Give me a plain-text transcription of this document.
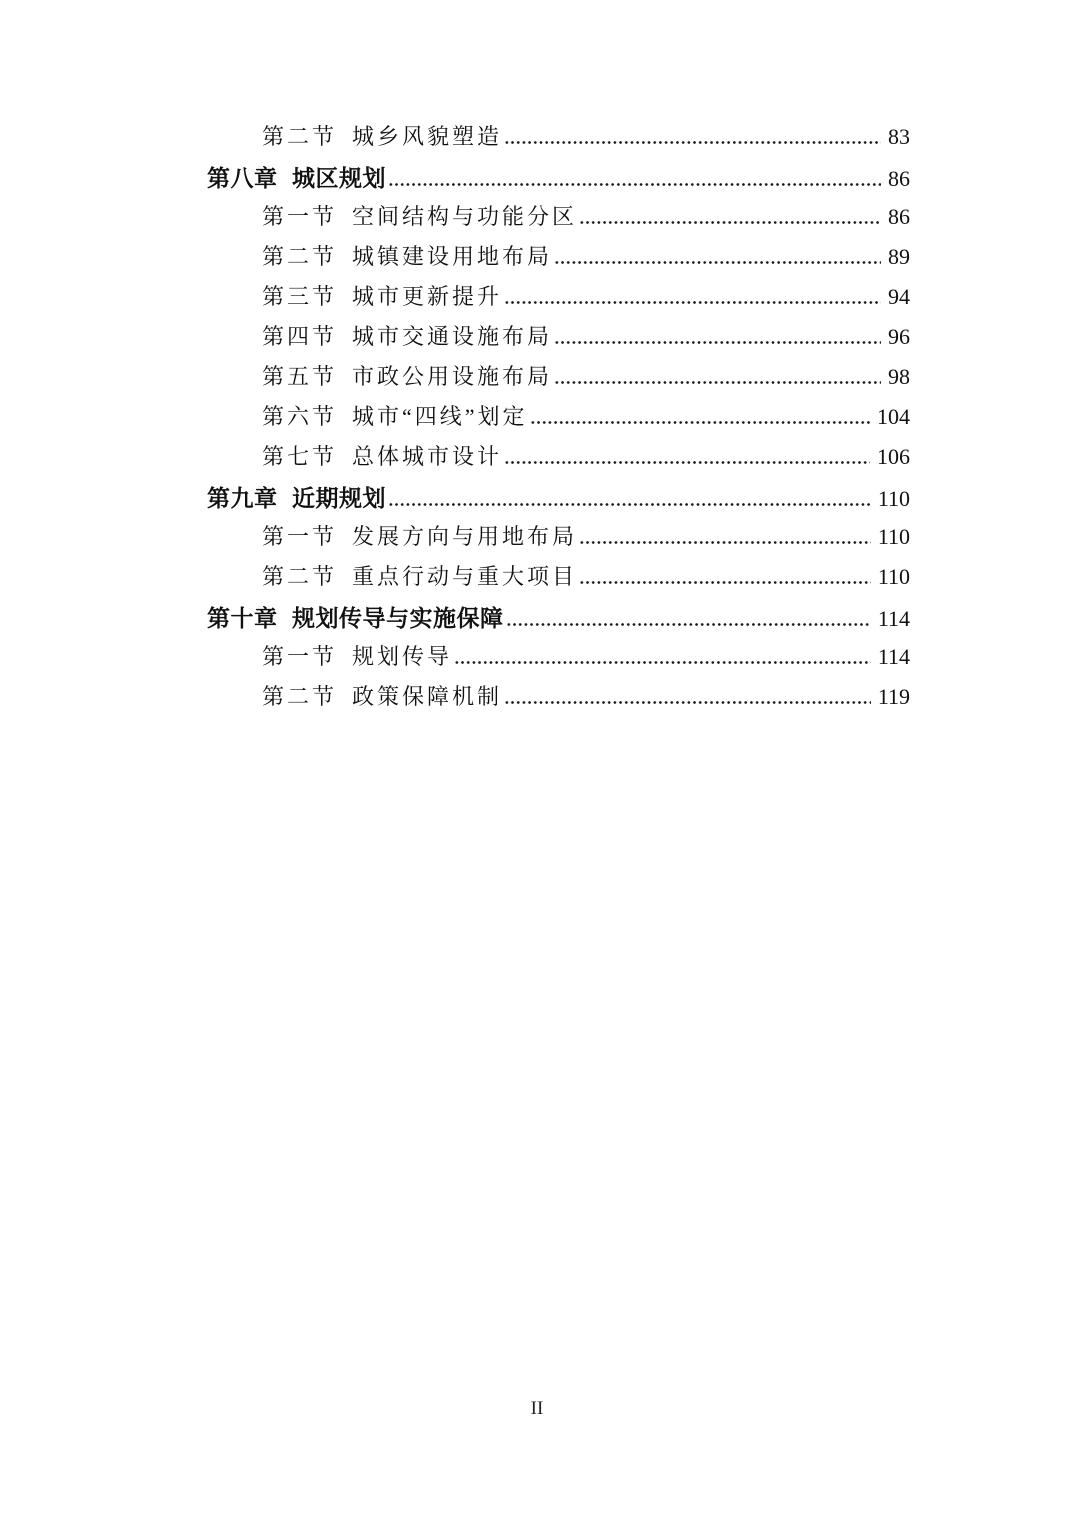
第二节 城乡风貌塑造	83
第八章 城区规划	86
第一节 空间结构与功能分区	86
第二节 城镇建设用地布局	89
第三节 城市更新提升	94
第四节 城市交通设施布局	96
第五节 市政公用设施布局	98
第六节 城市“四线”划定	104
第七节 总体城市设计	106
第九章 近期规划	110
第一节 发展方向与用地布局	110
第二节 重点行动与重大项目	110
第十章 规划传导与实施保障	114
第一节 规划传导	114
第二节 政策保障机制	119
II
